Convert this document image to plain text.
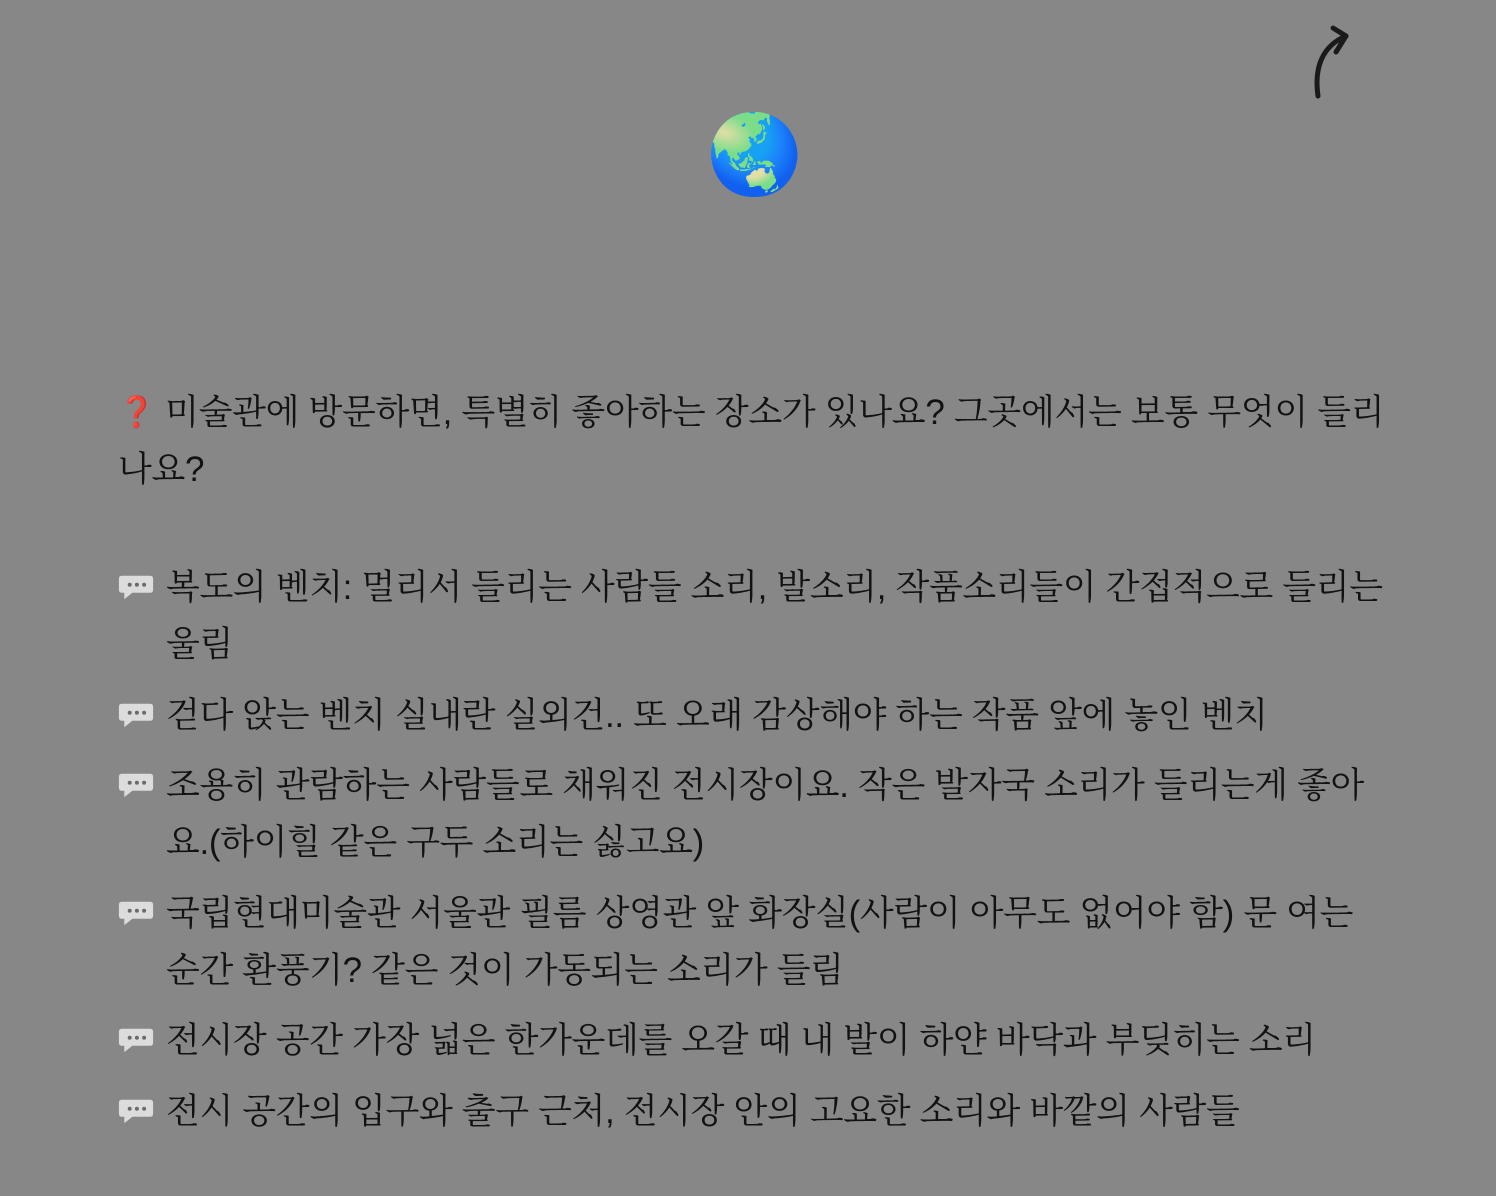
🌏

❓ 미술관에 방문하면, 특별히 좋아하는 장소가 있나요? 그곳에서는 보통 무엇이 들리나요?

복도의 벤치: 멀리서 들리는 사람들 소리, 발소리, 작품소리들이 간접적으로 들리는 울림
걷다 앉는 벤치 실내란 실외건.. 또 오래 감상해야 하는 작품 앞에 놓인 벤치
조용히 관람하는 사람들로 채워진 전시장이요. 작은 발자국 소리가 들리는게 좋아요.(하이힐 같은 구두 소리는 싫고요)
국립현대미술관 서울관 필름 상영관 앞 화장실(사람이 아무도 없어야 함) 문 여는 순간 환풍기? 같은 것이 가동되는 소리가 들림
전시장 공간 가장 넓은 한가운데를 오갈 때 내 발이 하얀 바닥과 부딪히는 소리
전시 공간의 입구와 출구 근처, 전시장 안의 고요한 소리와 바깥의 사람들
